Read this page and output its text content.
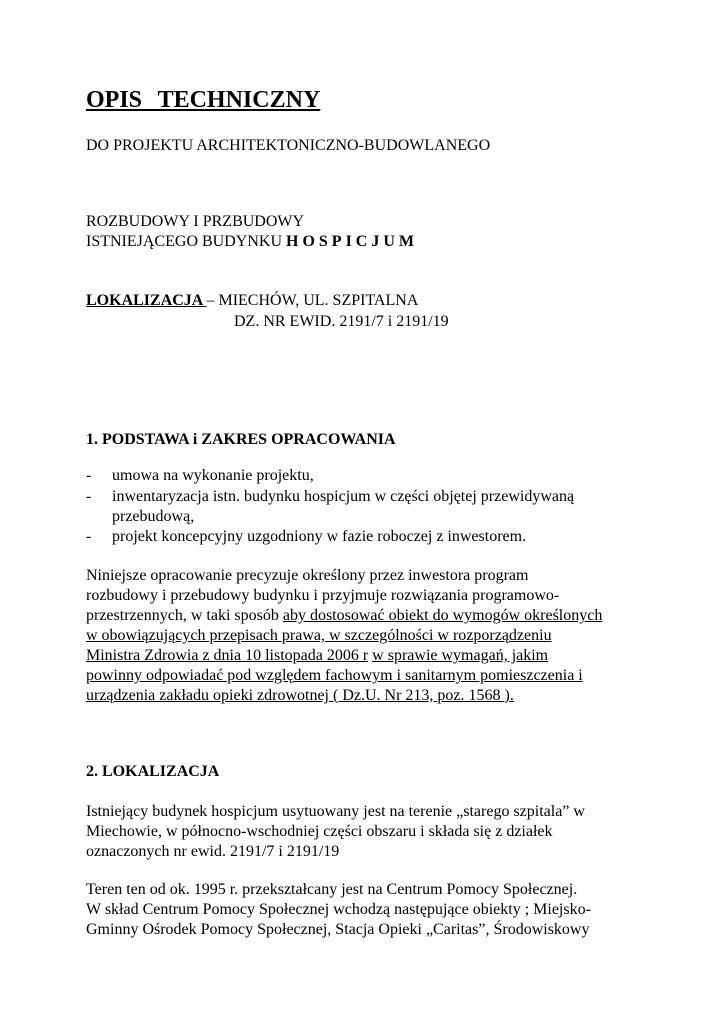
OPIS TECHNICZNY
DO PROJEKTU ARCHITEKTONICZNO-BUDOWLANEGO
ROZBUDOWY I PRZBUDOWY
ISTNIEJĄCEGO BUDYNKU HOSPICJUM
LOKALIZACJA – MIECHÓW, UL. SZPITALNA
DZ. NR EWID. 2191/7 i 2191/19
1. PODSTAWA i ZAKRES OPRACOWANIA
- umowa na wykonanie projektu,
- inwentaryzacja istn. budynku hospicjum w części objętej przewidywaną
przebudową,
- projekt koncepcyjny uzgodniony w fazie roboczej z inwestorem.
Niniejsze opracowanie precyzuje określony przez inwestora program
rozbudowy i przebudowy budynku i przyjmuje rozwiązania programowo-
przestrzennych, w taki sposób aby dostosować obiekt do wymogów określonych
w obowiązujących przepisach prawa, w szczególności w rozporządzeniu
Ministra Zdrowia z dnia 10 listopada 2006 r w sprawie wymagań, jakim
powinny odpowiadać pod względem fachowym i sanitarnym pomieszczenia i
urządzenia zakładu opieki zdrowotnej ( Dz.U. Nr 213, poz. 1568 ).
2. LOKALIZACJA
Istniejący budynek hospicjum usytuowany jest na terenie „starego szpitala” w
Miechowie, w północno-wschodniej części obszaru i składa się z działek
oznaczonych nr ewid. 2191/7 i 2191/19
Teren ten od ok. 1995 r. przekształcany jest na Centrum Pomocy Społecznej.
W skład Centrum Pomocy Społecznej wchodzą następujące obiekty ; Miejsko-
Gminny Ośrodek Pomocy Społecznej, Stacja Opieki „Caritas”, Środowiskowy
